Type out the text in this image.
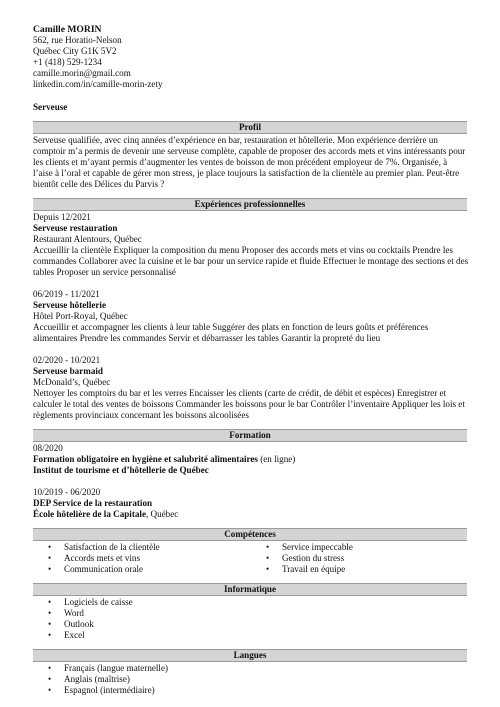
Camille MORIN
562, rue Horatio-Nelson
Québec City G1K 5V2
+1 (418) 529-1234
camille.morin@gmail.com
linkedin.com/in/camille-morin-zety
Serveuse
Profil
Serveuse qualifiée, avec cinq années d’expérience en bar, restauration et hôtellerie. Mon expérience derrière un
comptoir m’a permis de devenir une serveuse complète, capable de proposer des accords mets et vins intéressants pour
les clients et m’ayant permis d’augmenter les ventes de boisson de mon précédent employeur de 7%. Organisée, à
l’aise à l’oral et capable de gérer mon stress, je place toujours la satisfaction de la clientèle au premier plan. Peut-être
bientôt celle des Délices du Parvis ?
Expériences professionnelles
Depuis 12/2021
Serveuse restauration
Restaurant Alentours, Québec
Accueillir la clientèle Expliquer la composition du menu Proposer des accords mets et vins ou cocktails Prendre les
commandes Collaborer avec la cuisine et le bar pour un service rapide et fluide Effectuer le montage des sections et des
tables Proposer un service personnalisé
06/2019 - 11/2021
Serveuse hôtellerie
Hôtel Port-Royal, Québec
Accueillir et accompagner les clients à leur table Suggérer des plats en fonction de leurs goûts et préférences
alimentaires Prendre les commandes Servir et débarrasser les tables Garantir la propreté du lieu
02/2020 - 10/2021
Serveuse barmaid
McDonald’s, Québec
Nettoyer les comptoirs du bar et les verres Encaisser les clients (carte de crédit, de débit et espèces) Enregistrer et
calculer le total des ventes de boissons Commander les boissons pour le bar Contrôler l’inventaire Appliquer les lois et
règlements provinciaux concernant les boissons alcoolisées
Formation
08/2020
Formation obligatoire en hygiène et salubrité alimentaires (en ligne)
Institut de tourisme et d’hôtellerie de Québec
10/2019 - 06/2020
DEP Service de la restauration
École hôtelière de la Capitale, Québec
Compétences
• Satisfaction de la clientèle
• Accords mets et vins
• Communication orale
• Service impeccable
• Gestion du stress
• Travail en équipe
Informatique
• Logiciels de caisse
• Word
• Outlook
• Excel
Langues
• Français (langue maternelle)
• Anglais (maîtrise)
• Espagnol (intermédiaire)
